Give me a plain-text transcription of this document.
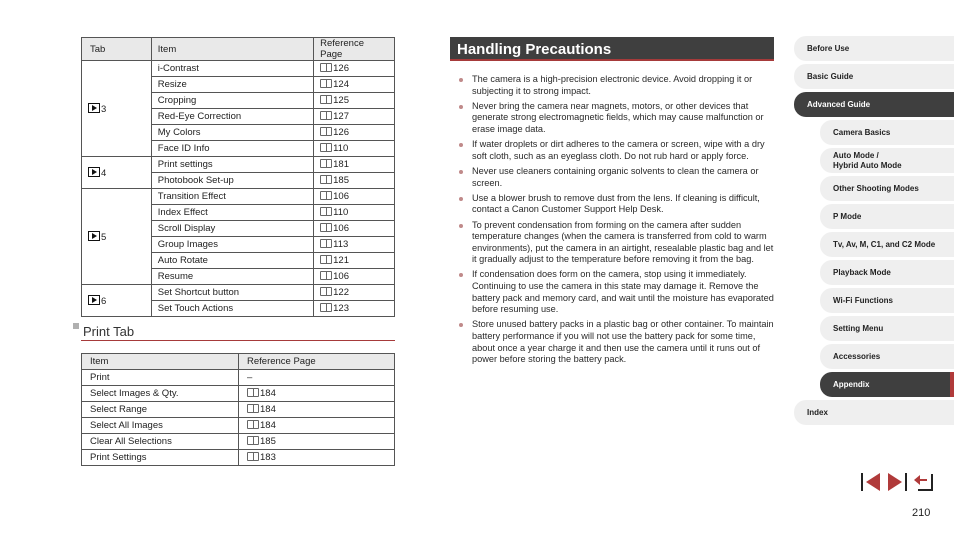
Tab	Item	Reference Page
3	i-Contrast	126
	Resize	124
	Cropping	125
	Red-Eye Correction	127
	My Colors	126
	Face ID Info	110
4	Print settings	181
	Photobook Set-up	185
5	Transition Effect	106
	Index Effect	110
	Scroll Display	106
	Group Images	113
	Auto Rotate	121
	Resume	106
6	Set Shortcut button	122
	Set Touch Actions	123
Print Tab
Item	Reference Page
Print	–
Select Images & Qty.	184
Select Range	184
Select All Images	184
Clear All Selections	185
Print Settings	183
Handling Precautions
The camera is a high-precision electronic device. Avoid dropping it or subjecting it to strong impact.
Never bring the camera near magnets, motors, or other devices that generate strong electromagnetic fields, which may cause malfunction or erase image data.
If water droplets or dirt adheres to the camera or screen, wipe with a dry soft cloth, such as an eyeglass cloth. Do not rub hard or apply force.
Never use cleaners containing organic solvents to clean the camera or screen.
Use a blower brush to remove dust from the lens. If cleaning is difficult, contact a Canon Customer Support Help Desk.
To prevent condensation from forming on the camera after sudden temperature changes (when the camera is transferred from cold to warm environments), put the camera in an airtight, resealable plastic bag and let it gradually adjust to the temperature before removing it from the bag.
If condensation does form on the camera, stop using it immediately. Continuing to use the camera in this state may damage it. Remove the battery pack and memory card, and wait until the moisture has evaporated before resuming use.
Store unused battery packs in a plastic bag or other container. To maintain battery performance if you will not use the battery pack for some time, about once a year charge it and then use the camera until it runs out of power before storing the battery pack.
Before Use
Basic Guide
Advanced Guide
Camera Basics
Auto Mode /
Hybrid Auto Mode
Other Shooting Modes
P Mode
Tv, Av, M, C1, and C2 Mode
Playback Mode
Wi-Fi Functions
Setting Menu
Accessories
Appendix
Index
210
